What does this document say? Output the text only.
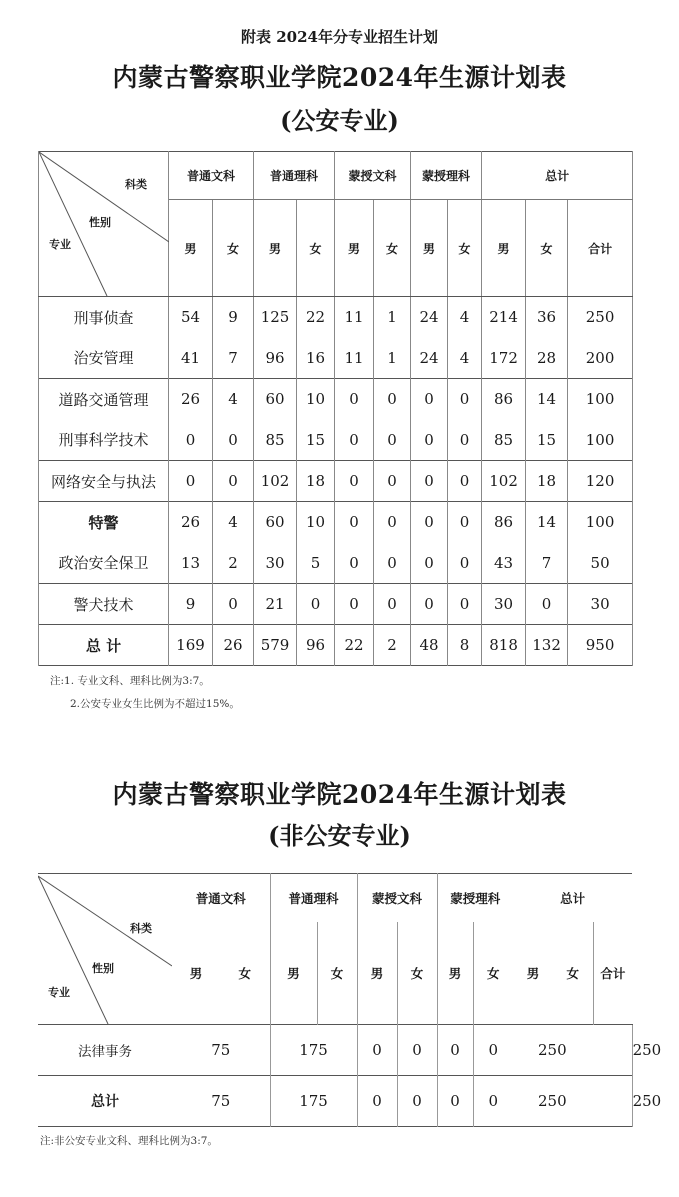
附表 2024年分专业招生计划
内蒙古警察职业学院2024年生源计划表
(公安专业)
科类
性别
专业	普通文科		普通理科		蒙授文科		蒙授理科		总计		
	男	女	男	女	男	女	男	女	男	女	合计
刑事侦查	54	9	125	22	11	1	24	4	214	36	250
治安管理	41	7	96	16	11	1	24	4	172	28	200
道路交通管理	26	4	60	10	0	0	0	0	86	14	100
刑事科学技术	0	0	85	15	0	0	0	0	85	15	100
网络安全与执法	0	0	102	18	0	0	0	0	102	18	120
特警	26	4	60	10	0	0	0	0	86	14	100
政治安全保卫	13	2	30	5	0	0	0	0	43	7	50
警犬技术	9	0	21	0	0	0	0	0	30	0	30
总 计	169	26	579	96	22	2	48	8	818	132	950
注:1. 专业文科、理科比例为3:7。
2.公安专业女生比例为不超过15%。
内蒙古警察职业学院2024年生源计划表
(非公安专业)
科类
性别
专业	普通文科		普通理科		蒙授文科		蒙授理科		总计			
	男	女	男	女	男	女	男	女	男	女	合计	
法律事务	75		175		0	0	0	0	250			250
总计	75		175		0	0	0	0	250			250
注:非公安专业文科、理科比例为3:7。
